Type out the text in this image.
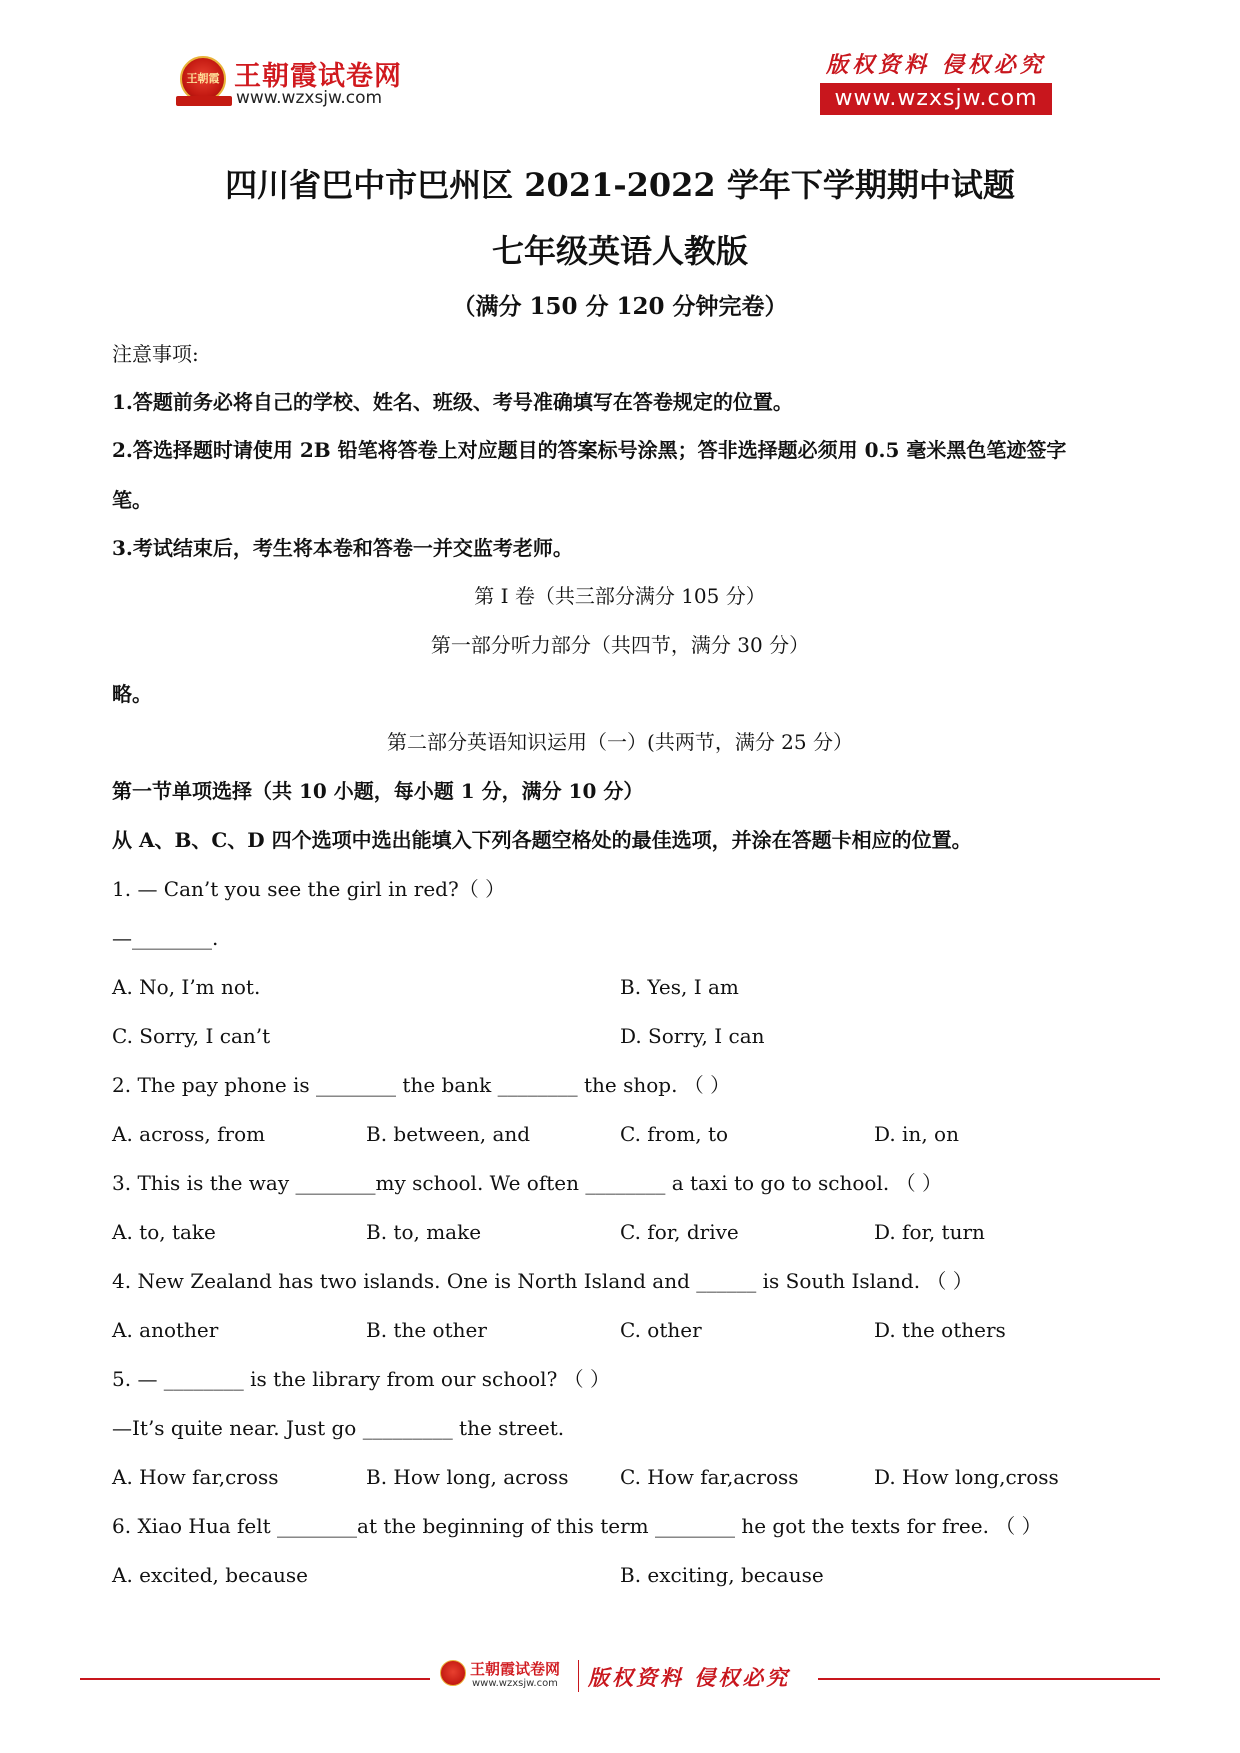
王朝霞 王朝霞试卷网
www.wzxsjw.com
版权资料 侵权必究
www.wzxsjw.com
四川省巴中市巴州区 2021-2022 学年下学期期中试题
七年级英语人教版
（满分 150 分 120 分钟完卷）
注意事项:
1.答题前务必将自己的学校、姓名、班级、考号准确填写在答卷规定的位置。
2.答选择题时请使用 2B 铅笔将答卷上对应题目的答案标号涂黑；答非选择题必须用 0.5 毫米黑色笔迹签字
笔。
3.考试结束后，考生将本卷和答卷一并交监考老师。
第 I 卷（共三部分满分 105 分）
第一部分听力部分（共四节，满分 30 分）
略。
第二部分英语知识运用（一）(共两节，满分 25 分）
第一节单项选择（共 10 小题，每小题 1 分，满分 10 分）
从 A、B、C、D 四个选项中选出能填入下列各题空格处的最佳选项，并涂在答题卡相应的位置。
1. — Can’t you see the girl in red?（ ）
—________.
A. No, I’m not.	B. Yes, I am
C. Sorry, I can’t	D. Sorry, I can
2. The pay phone is ________ the bank ________ the shop. （ ）
A. across, from	B. between, and	C. from, to	D. in, on
3. This is the way ________my school. We often ________ a taxi to go to school. （ ）
A. to, take	B. to, make	C. for, drive	D. for, turn
4. New Zealand has two islands. One is North Island and ______ is South Island. （ ）
A. another	B. the other	C. other	D. the others
5. — ________ is the library from our school? （ ）
—It’s quite near. Just go _________ the street.
A. How far,cross	B. How long, across	C. How far,across	D. How long,cross
6. Xiao Hua felt ________at the beginning of this term ________ he got the texts for free. （ ）
A. excited, because	B. exciting, because
王朝霞试卷网
www.wzxsjw.com 版权资料 侵权必究
